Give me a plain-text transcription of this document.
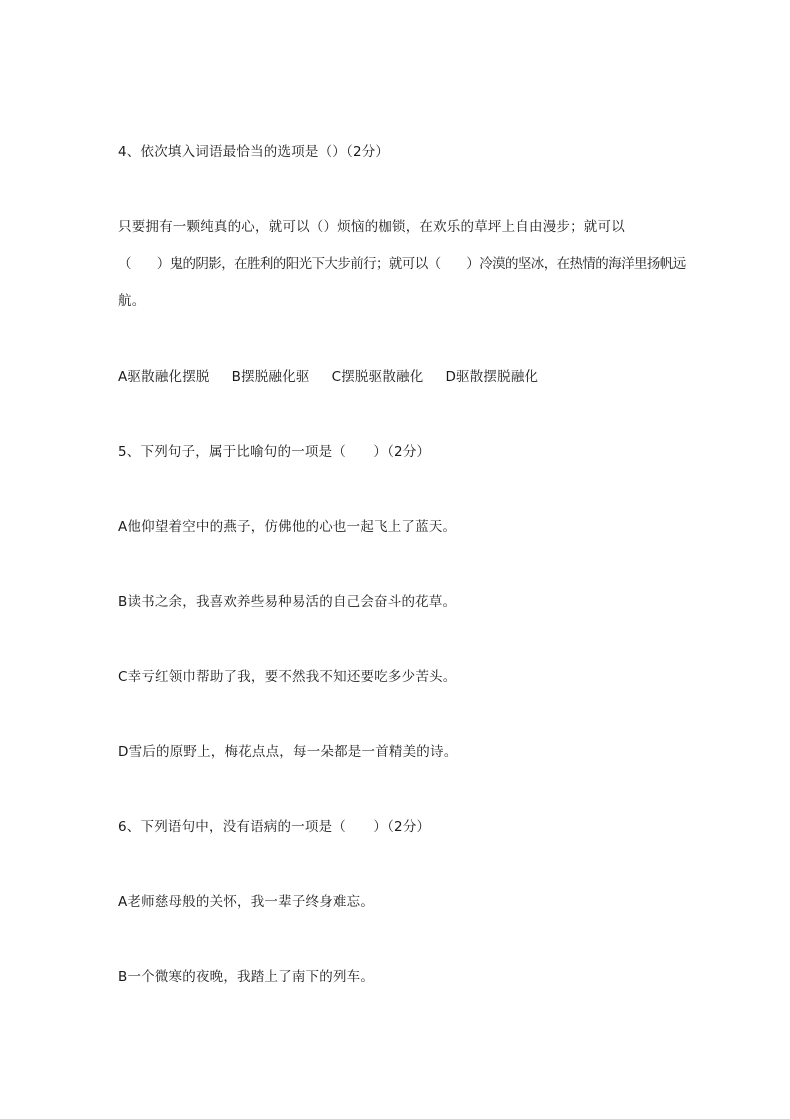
4、依次填入词语最恰当的选项是（）（2分）
只要拥有一颗纯真的心，就可以（）烦恼的枷锁，在欢乐的草坪上自由漫步；就可以
（　　）鬼的阴影，在胜利的阳光下大步前行；就可以（　　）冷漠的坚冰，在热情的海洋里扬帆远
航。
A驱散融化摆脱 B摆脱融化驱 C摆脱驱散融化 D驱散摆脱融化
5、下列句子，属于比喻句的一项是（　　）（2分）
A他仰望着空中的燕子，仿佛他的心也一起飞上了蓝天。
B读书之余，我喜欢养些易种易活的自己会奋斗的花草。
C幸亏红领巾帮助了我，要不然我不知还要吃多少苦头。
D雪后的原野上，梅花点点，每一朵都是一首精美的诗。
6、下列语句中，没有语病的一项是（　　）（2分）
A老师慈母般的关怀，我一辈子终身难忘。
B一个微寒的夜晚，我踏上了南下的列车。
